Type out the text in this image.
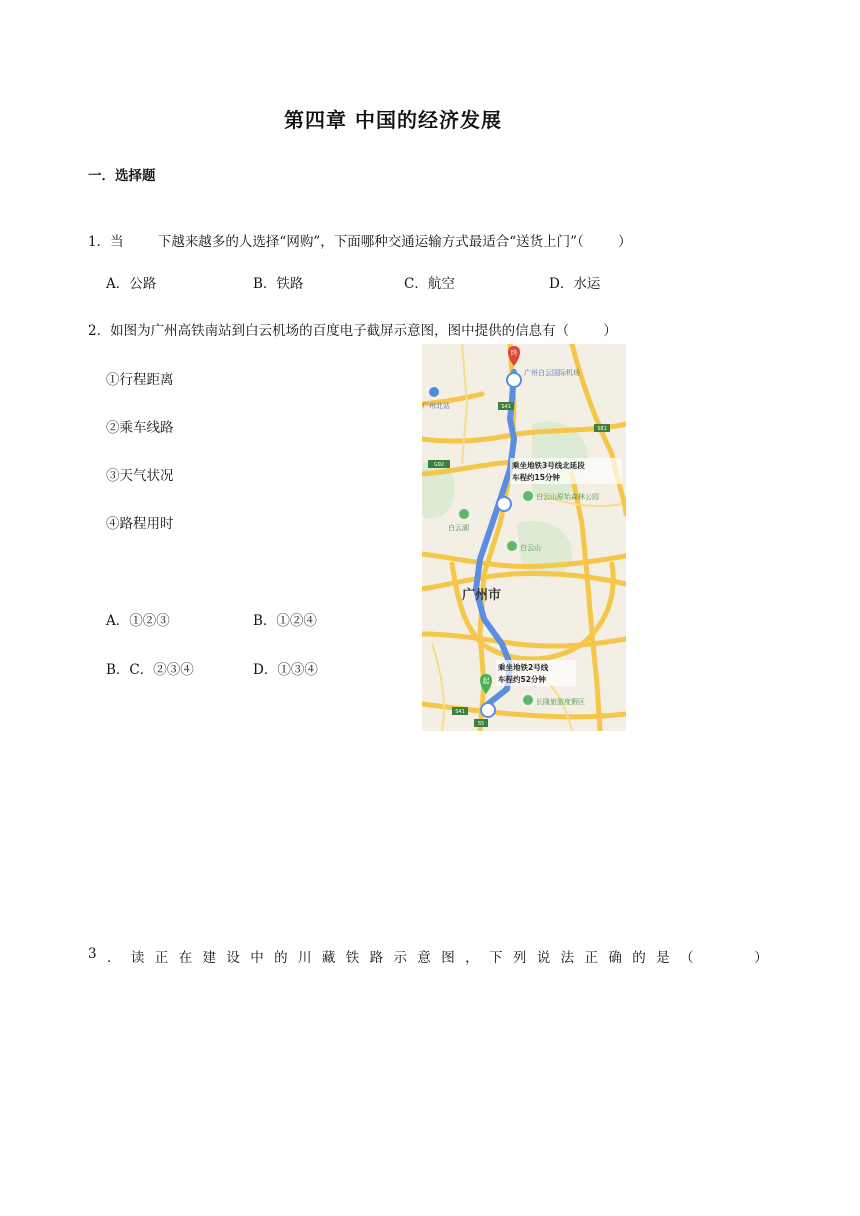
第四章 中国的经济发展
一．选择题
1．当        下越来越多的人选择“网购”，下面哪种交通运输方式最适合“送货上门”（        ）
A．公路	B．铁路	C．航空	D．水运
2．如图为广州高铁南站到白云机场的百度电子截屏示意图，图中提供的信息有（        ）
①行程距离
②乘车线路
③天气状况
④路程用时
A．①②③	B．①②④
B．C．②③④	D．①③④
终
起
S41
S81
G92
S41
S5
广州白云国际机场
广州北站
乘坐地铁3号线北延段
车程约15分钟
白云山原始森林公园
白云湖
白云山
广州市
乘坐地铁2号线
车程约52分钟
长隆旅游度假区
3 ． 读 正 在 建 设 中 的 川 藏 铁 路 示 意 图 ， 下 列 说 法 正 确 的 是 （	）
